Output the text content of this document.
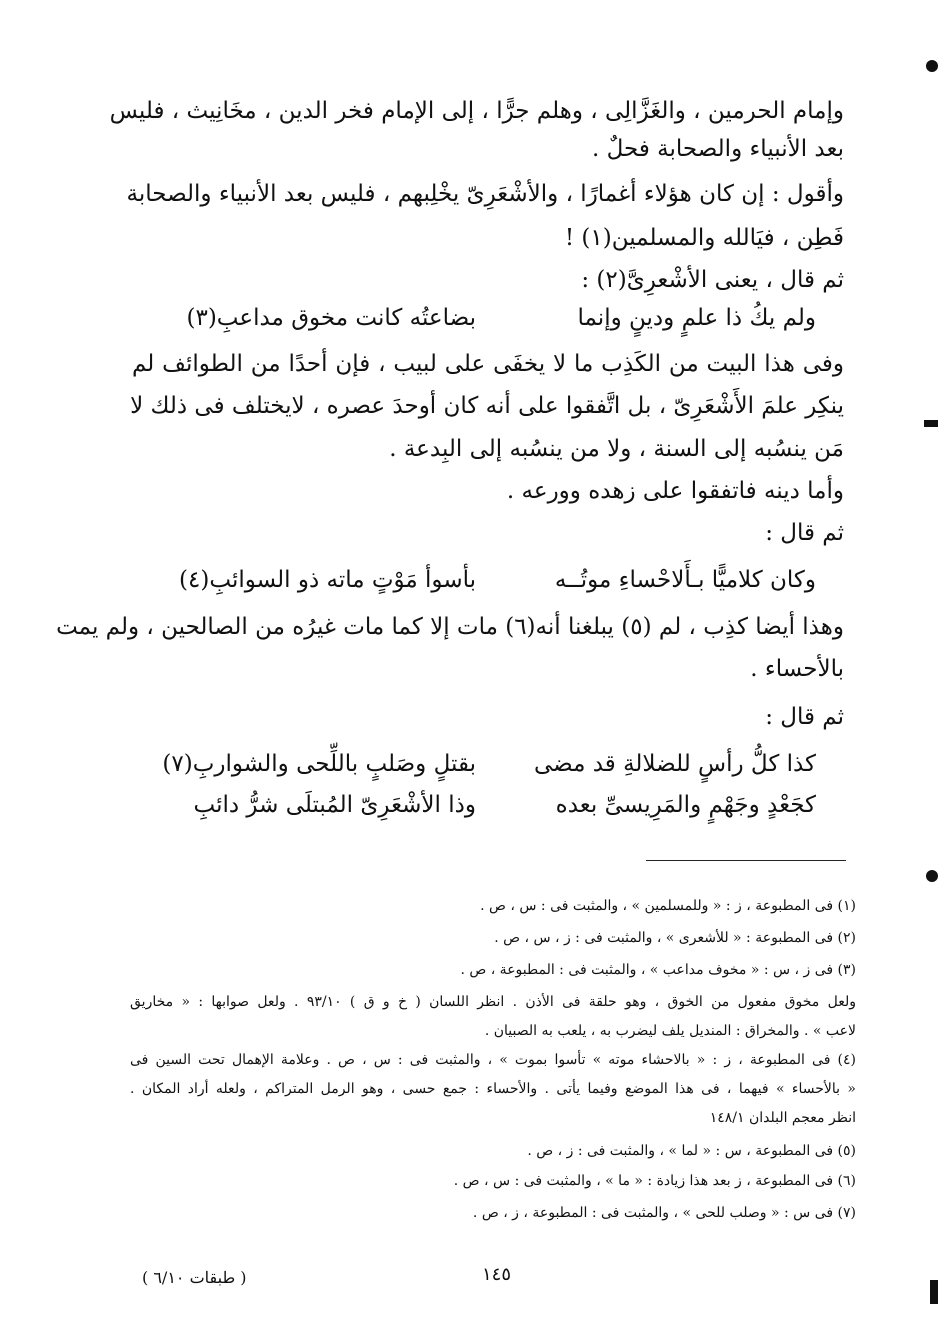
وإمام الحرمين ، والغَزَّالِى ، وهلم جرًّا ، إلى الإمام فخر الدين ، مخَانِيث ، فليس
بعد الأنبياء والصحابة فحلٌ .
وأقول : إن كان هؤلاء أغمارًا ، والأشْعَرِىّ يخْلِبهم ، فليس بعد الأنبياء والصحابة
فَطِن ، فيَالله والمسلمين(١) !
ثم قال ، يعنى الأشْعرِىَّ(٢) :
ولم يكُ ذا علمٍ ودينٍ وإنما
بضاعتُه كانت مخوق مداعبِ(٣)
وفى هذا البيت من الكَذِب ما لا يخفَى على لبيب ، فإن أحدًا من الطوائف لم
ينكِر علمَ الأَشْعَرِىّ ، بل اتَّفقوا على أنه كان أوحدَ عصره ، لايختلف فى ذلك لا
مَن ينسُبه إلى السنة ، ولا من ينسُبه إلى البِدعة .
وأما دينه فاتفقوا على زهده وورعه .
ثم قال :
وكان كلاميًّا بـأَلاحْساءِ موتُــه
بأسوأ مَوْتٍ ماته ذو السوائبِ(٤)
وهذا أيضا كذِب ، لم (٥) يبلغنا أنه(٦) مات إلا كما مات غيرُه من الصالحين ، ولم يمت
بالأحساء .
ثم قال :
كذا كلُّ رأسٍ للضلالةِ قد مضى
بقتلٍ وصَلبٍ باللِّحى والشواربِ(٧)
كجَعْدٍ وجَهْمٍ والمَرِيسىِّ بعده
وذا الأشْعَرِىّ المُبتلَى شرُّ دائبِ
(١) فى المطبوعة ، ز : « وللمسلمين » ، والمثبت فى : س ، ص .
(٢) فى المطبوعة : « للأشعرى » ، والمثبت فى : ز ، س ، ص .
(٣) فى ز ، س : « مخوف مداعب » ، والمثبت فى : المطبوعة ، ص .
ولعل مخوق مفعول من الخوق ، وهو حلقة فى الأذن . انظر اللسان ( خ و ق ) ٩٣/١٠ . ولعل صوابها : « مخاريق
لاعب » . والمخراق : المنديل يلف ليضرب به ، يلعب به الصبيان .
(٤) فى المطبوعة ، ز : « بالاحشاء موته » تأسوا بموت » ، والمثبت فى : س ، ص . وعلامة الإهمال تحت السين فى
« بالأحساء » فيهما ، فى هذا الموضع وفيما يأتى . والأحساء : جمع حسى ، وهو الرمل المتراكم ، ولعله أراد المكان .
انظر معجم البلدان ١٤٨/١
(٥) فى المطبوعة ، س : « لما » ، والمثبت فى : ز ، ص .
(٦) فى المطبوعة ، ز بعد هذا زيادة : « ما » ، والمثبت فى : س ، ص .
(٧) فى س : « وصلب للحى » ، والمثبت فى : المطبوعة ، ز ، ص .
١٤٥
( طبقات ٦/١٠ )
